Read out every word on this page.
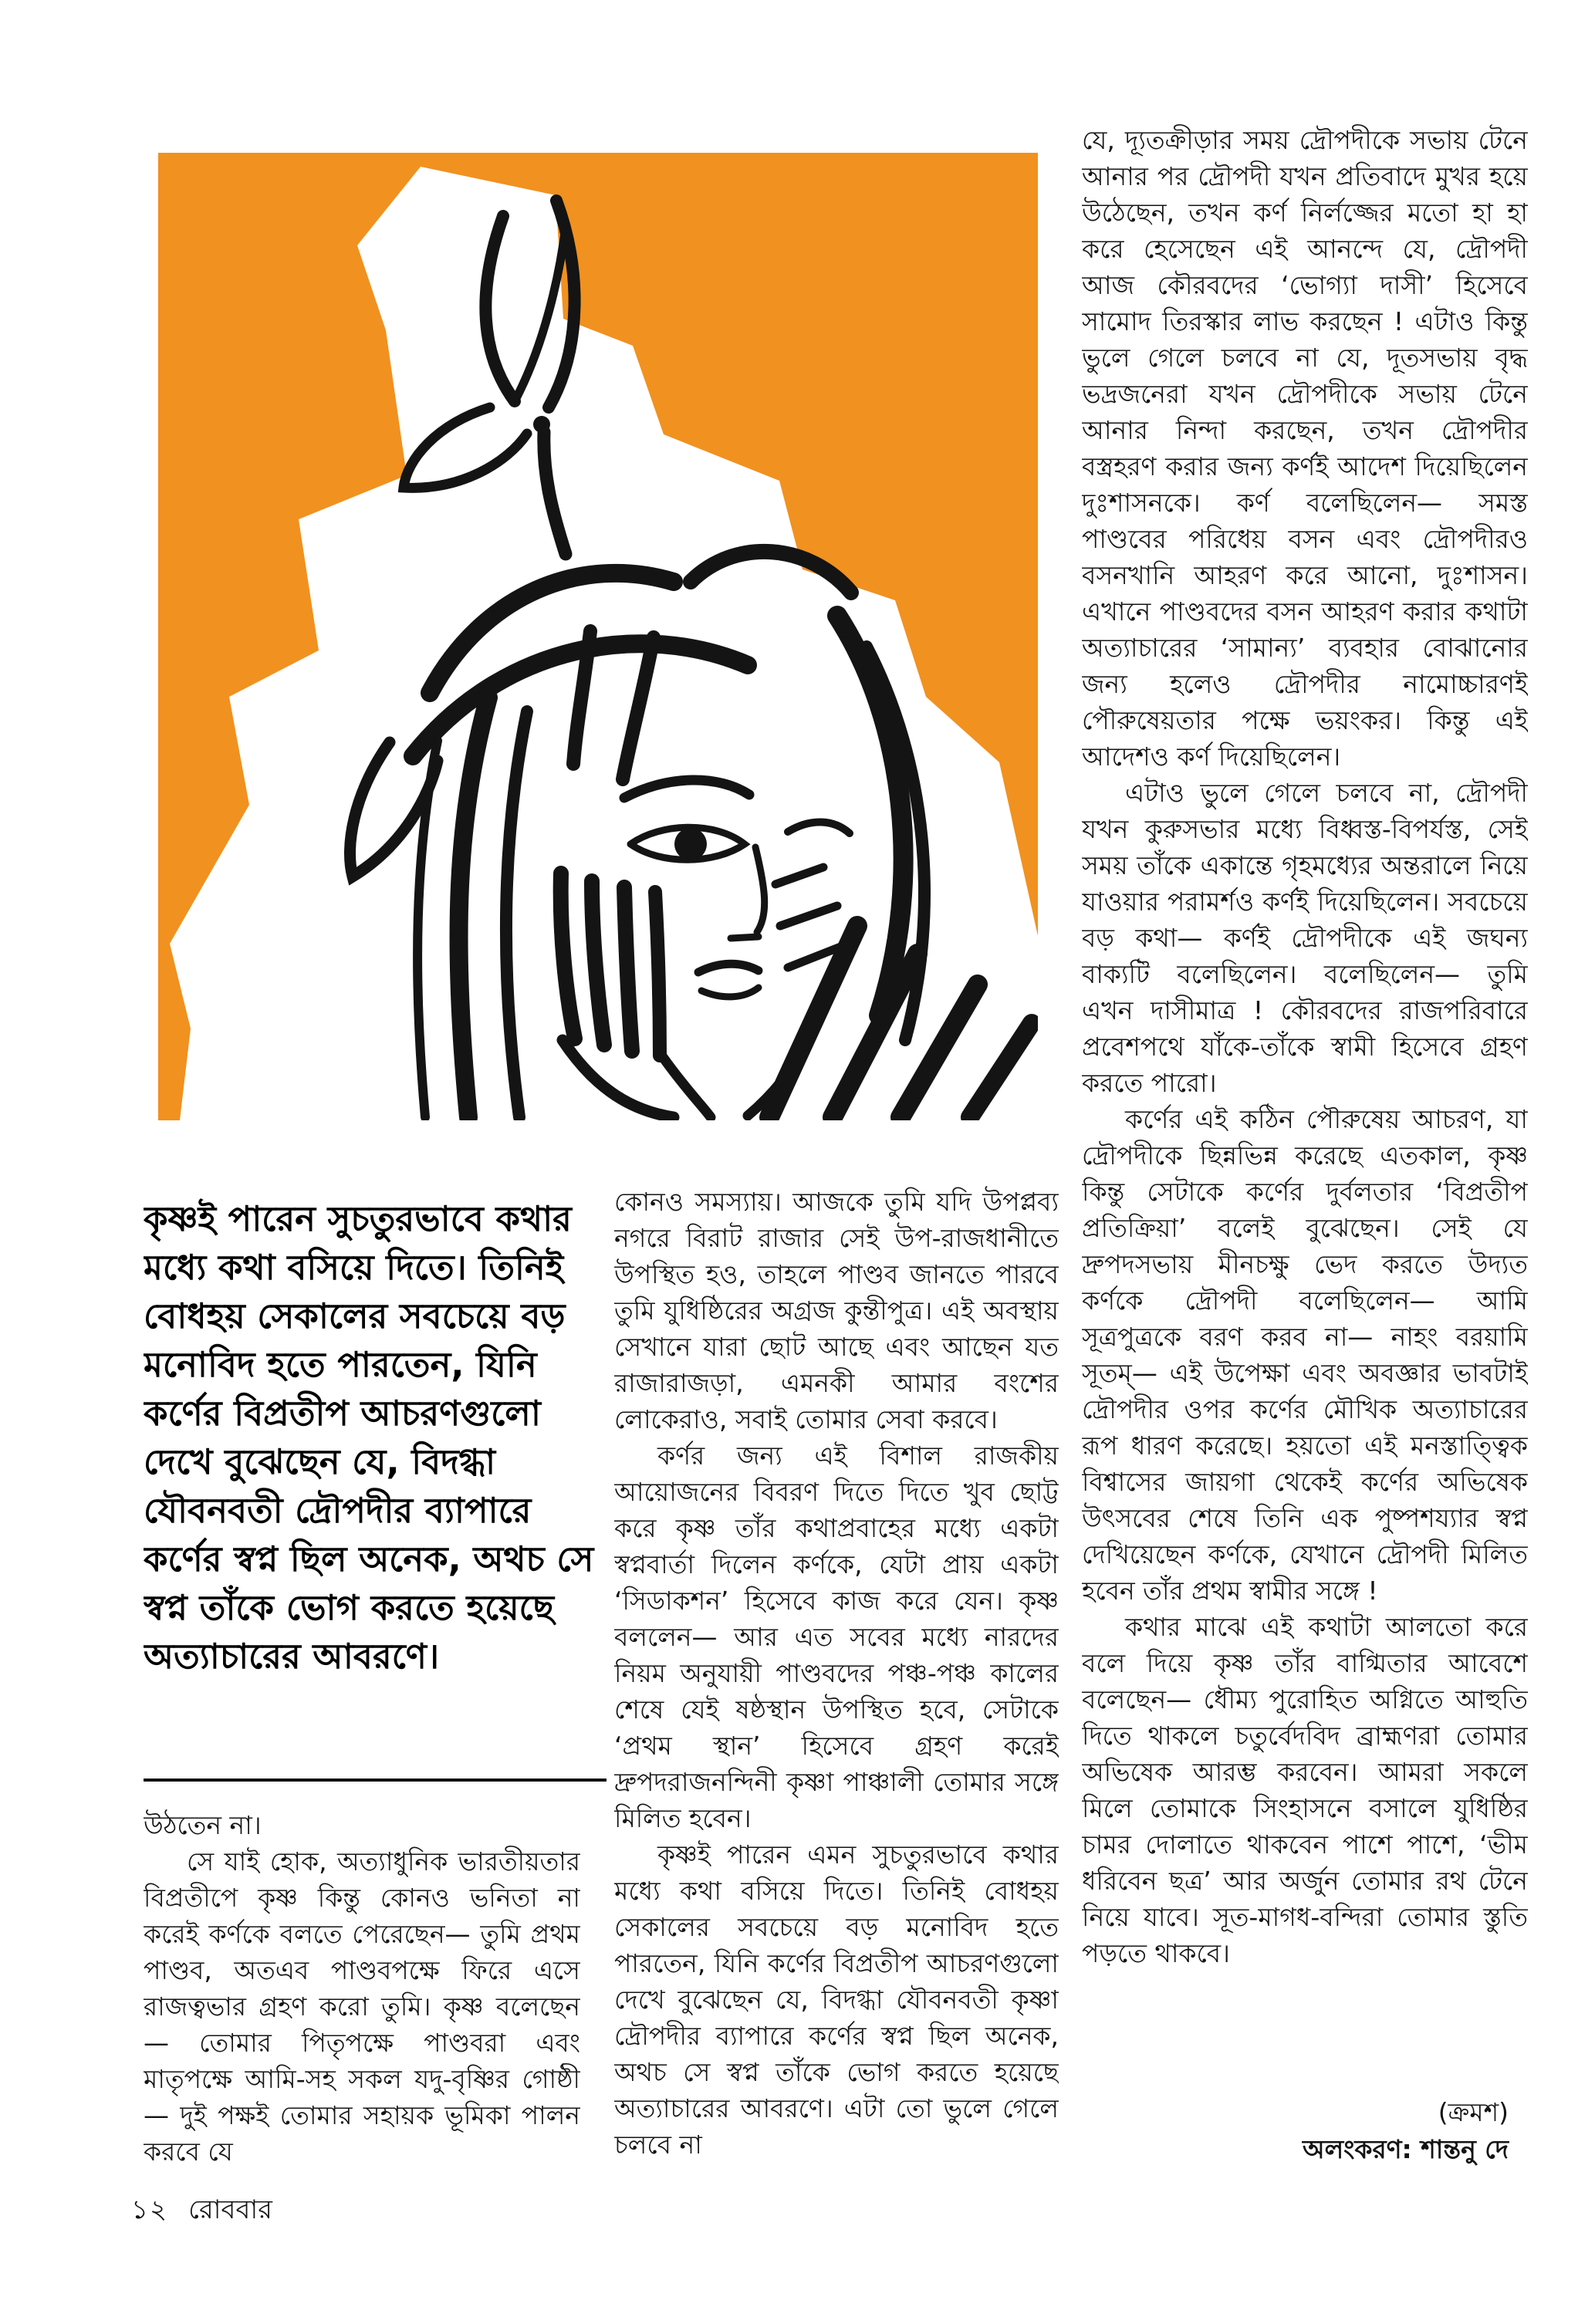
কৃষ্ণই পারেন সুচতুরভাবে কথার মধ্যে কথা বসিয়ে দিতে। তিনিই বোধহয় সেকালের সবচেয়ে বড় মনোবিদ হতে পারতেন, যিনি কর্ণের বিপ্রতীপ আচরণগুলো দেখে বুঝেছেন যে, বিদগ্ধা যৌবনবতী দ্রৌপদীর ব্যাপারে কর্ণের স্বপ্ন ছিল অনেক, অথচ সে স্বপ্ন তাঁকে ভোগ করতে হয়েছে অত্যাচারের আবরণে।

উঠতেন না।

সে যাই হোক, অত্যাধুনিক ভারতীয়তার বিপ্রতীপে কৃষ্ণ কিন্তু কোনও ভনিতা না করেই কর্ণকে বলতে পেরেছেন— তুমি প্রথম পাণ্ডব, অতএব পাণ্ডবপক্ষে ফিরে এসে রাজত্বভার গ্রহণ করো তুমি। কৃষ্ণ বলেছেন— তোমার পিতৃপক্ষে পাণ্ডবরা এবং মাতৃপক্ষে আমি-সহ সকল যদু-বৃষ্ণির গোষ্ঠী— দুই পক্ষই তোমার সহায়ক ভূমিকা পালন করবে যে

কোনও সমস্যায়। আজকে তুমি যদি উপপ্লব্য নগরে বিরাট রাজার সেই উপ-রাজধানীতে উপস্থিত হও, তাহলে পাণ্ডব জানতে পারবে তুমি যুধিষ্ঠিরের অগ্রজ কুন্তীপুত্র। এই অবস্থায় সেখানে যারা ছোট আছে এবং আছেন যত রাজারাজড়া, এমনকী আমার বংশের লোকেরাও, সবাই তোমার সেবা করবে।

কর্ণর জন্য এই বিশাল রাজকীয় আয়োজনের বিবরণ দিতে দিতে খুব ছোট্ট করে কৃষ্ণ তাঁর কথাপ্রবাহের মধ্যে একটা স্বপ্নবার্তা দিলেন কর্ণকে, যেটা প্রায় একটা ‘সিডাকশন’ হিসেবে কাজ করে যেন। কৃষ্ণ বললেন— আর এত সবের মধ্যে নারদের নিয়ম অনুযায়ী পাণ্ডবদের পঞ্চ-পঞ্চ কালের শেষে যেই ষষ্ঠস্থান উপস্থিত হবে, সেটাকে ‘প্রথম স্থান’ হিসেবে গ্রহণ করেই দ্রুপদরাজনন্দিনী কৃষ্ণা পাঞ্চালী তোমার সঙ্গে মিলিত হবেন।

কৃষ্ণই পারেন এমন সুচতুরভাবে কথার মধ্যে কথা বসিয়ে দিতে। তিনিই বোধহয় সেকালের সবচেয়ে বড় মনোবিদ হতে পারতেন, যিনি কর্ণের বিপ্রতীপ আচরণগুলো দেখে বুঝেছেন যে, বিদগ্ধা যৌবনবতী কৃষ্ণা দ্রৌপদীর ব্যাপারে কর্ণের স্বপ্ন ছিল অনেক, অথচ সে স্বপ্ন তাঁকে ভোগ করতে হয়েছে অত্যাচারের আবরণে। এটা তো ভুলে গেলে চলবে না

যে, দ্যূতক্রীড়ার সময় দ্রৌপদীকে সভায় টেনে আনার পর দ্রৌপদী যখন প্রতিবাদে মুখর হয়ে উঠেছেন, তখন কর্ণ নির্লজ্জের মতো হা হা করে হেসেছেন এই আনন্দে যে, দ্রৌপদী আজ কৌরবদের ‘ভোগ্যা দাসী’ হিসেবে সামোদ তিরস্কার লাভ করছেন ! এটাও কিন্তু ভুলে গেলে চলবে না যে, দূতসভায় বৃদ্ধ ভদ্রজনেরা যখন দ্রৌপদীকে সভায় টেনে আনার নিন্দা করছেন, তখন দ্রৌপদীর বস্ত্রহরণ করার জন্য কর্ণই আদেশ দিয়েছিলেন দুঃশাসনকে। কর্ণ বলেছিলেন— সমস্ত পাণ্ডবের পরিধেয় বসন এবং দ্রৌপদীরও বসনখানি আহরণ করে আনো, দুঃশাসন। এখানে পাণ্ডবদের বসন আহরণ করার কথাটা অত্যাচারের ‘সামান্য’ ব্যবহার বোঝানোর জন্য হলেও দ্রৌপদীর নামোচ্চারণই পৌরুষেয়তার পক্ষে ভয়ংকর। কিন্তু এই আদেশও কর্ণ দিয়েছিলেন।

এটাও ভুলে গেলে চলবে না, দ্রৌপদী যখন কুরুসভার মধ্যে বিধ্বস্ত-বিপর্যস্ত, সেই সময় তাঁকে একান্তে গৃহমধ্যের অন্তরালে নিয়ে যাওয়ার পরামর্শও কর্ণই দিয়েছিলেন। সবচেয়ে বড় কথা— কর্ণই দ্রৌপদীকে এই জঘন্য বাক্যটি বলেছিলেন। বলেছিলেন— তুমি এখন দাসীমাত্র ! কৌরবদের রাজপরিবারে প্রবেশপথে যাঁকে-তাঁকে স্বামী হিসেবে গ্রহণ করতে পারো।

কর্ণের এই কঠিন পৌরুষেয় আচরণ, যা দ্রৌপদীকে ছিন্নভিন্ন করেছে এতকাল, কৃষ্ণ কিন্তু সেটাকে কর্ণের দুর্বলতার ‘বিপ্রতীপ প্রতিক্রিয়া’ বলেই বুঝেছেন। সেই যে দ্রুপদসভায় মীনচক্ষু ভেদ করতে উদ্যত কর্ণকে দ্রৌপদী বলেছিলেন— আমি সূত্রপুত্রকে বরণ করব না— নাহং বরয়ামি সূতম্— এই উপেক্ষা এবং অবজ্ঞার ভাবটাই দ্রৌপদীর ওপর কর্ণের মৌখিক অত্যাচারের রূপ ধারণ করেছে। হয়তো এই মনস্তাত্ত্বিক বিশ্বাসের জায়গা থেকেই কর্ণের অভিষেক উৎসবের শেষে তিনি এক পুষ্পশয্যার স্বপ্ন দেখিয়েছেন কর্ণকে, যেখানে দ্রৌপদী মিলিত হবেন তাঁর প্রথম স্বামীর সঙ্গে !

কথার মাঝে এই কথাটা আলতো করে বলে দিয়ে কৃষ্ণ তাঁর বাগ্মিতার আবেশে বলেছেন— ধৌম্য পুরোহিত অগ্নিতে আহুতি দিতে থাকলে চতুর্বেদবিদ ব্রাহ্মণরা তোমার অভিষেক আরম্ভ করবেন। আমরা সকলে মিলে তোমাকে সিংহাসনে বসালে যুধিষ্ঠির চামর দোলাতে থাকবেন পাশে পাশে, ‘ভীম ধরিবেন ছত্র’ আর অর্জুন তোমার রথ টেনে নিয়ে যাবে। সূত-মাগধ-বন্দিরা তোমার স্তুতি পড়তে থাকবে।

(ক্রমশ)
অলংকরণ: শান্তনু দে
১২ রোববার
